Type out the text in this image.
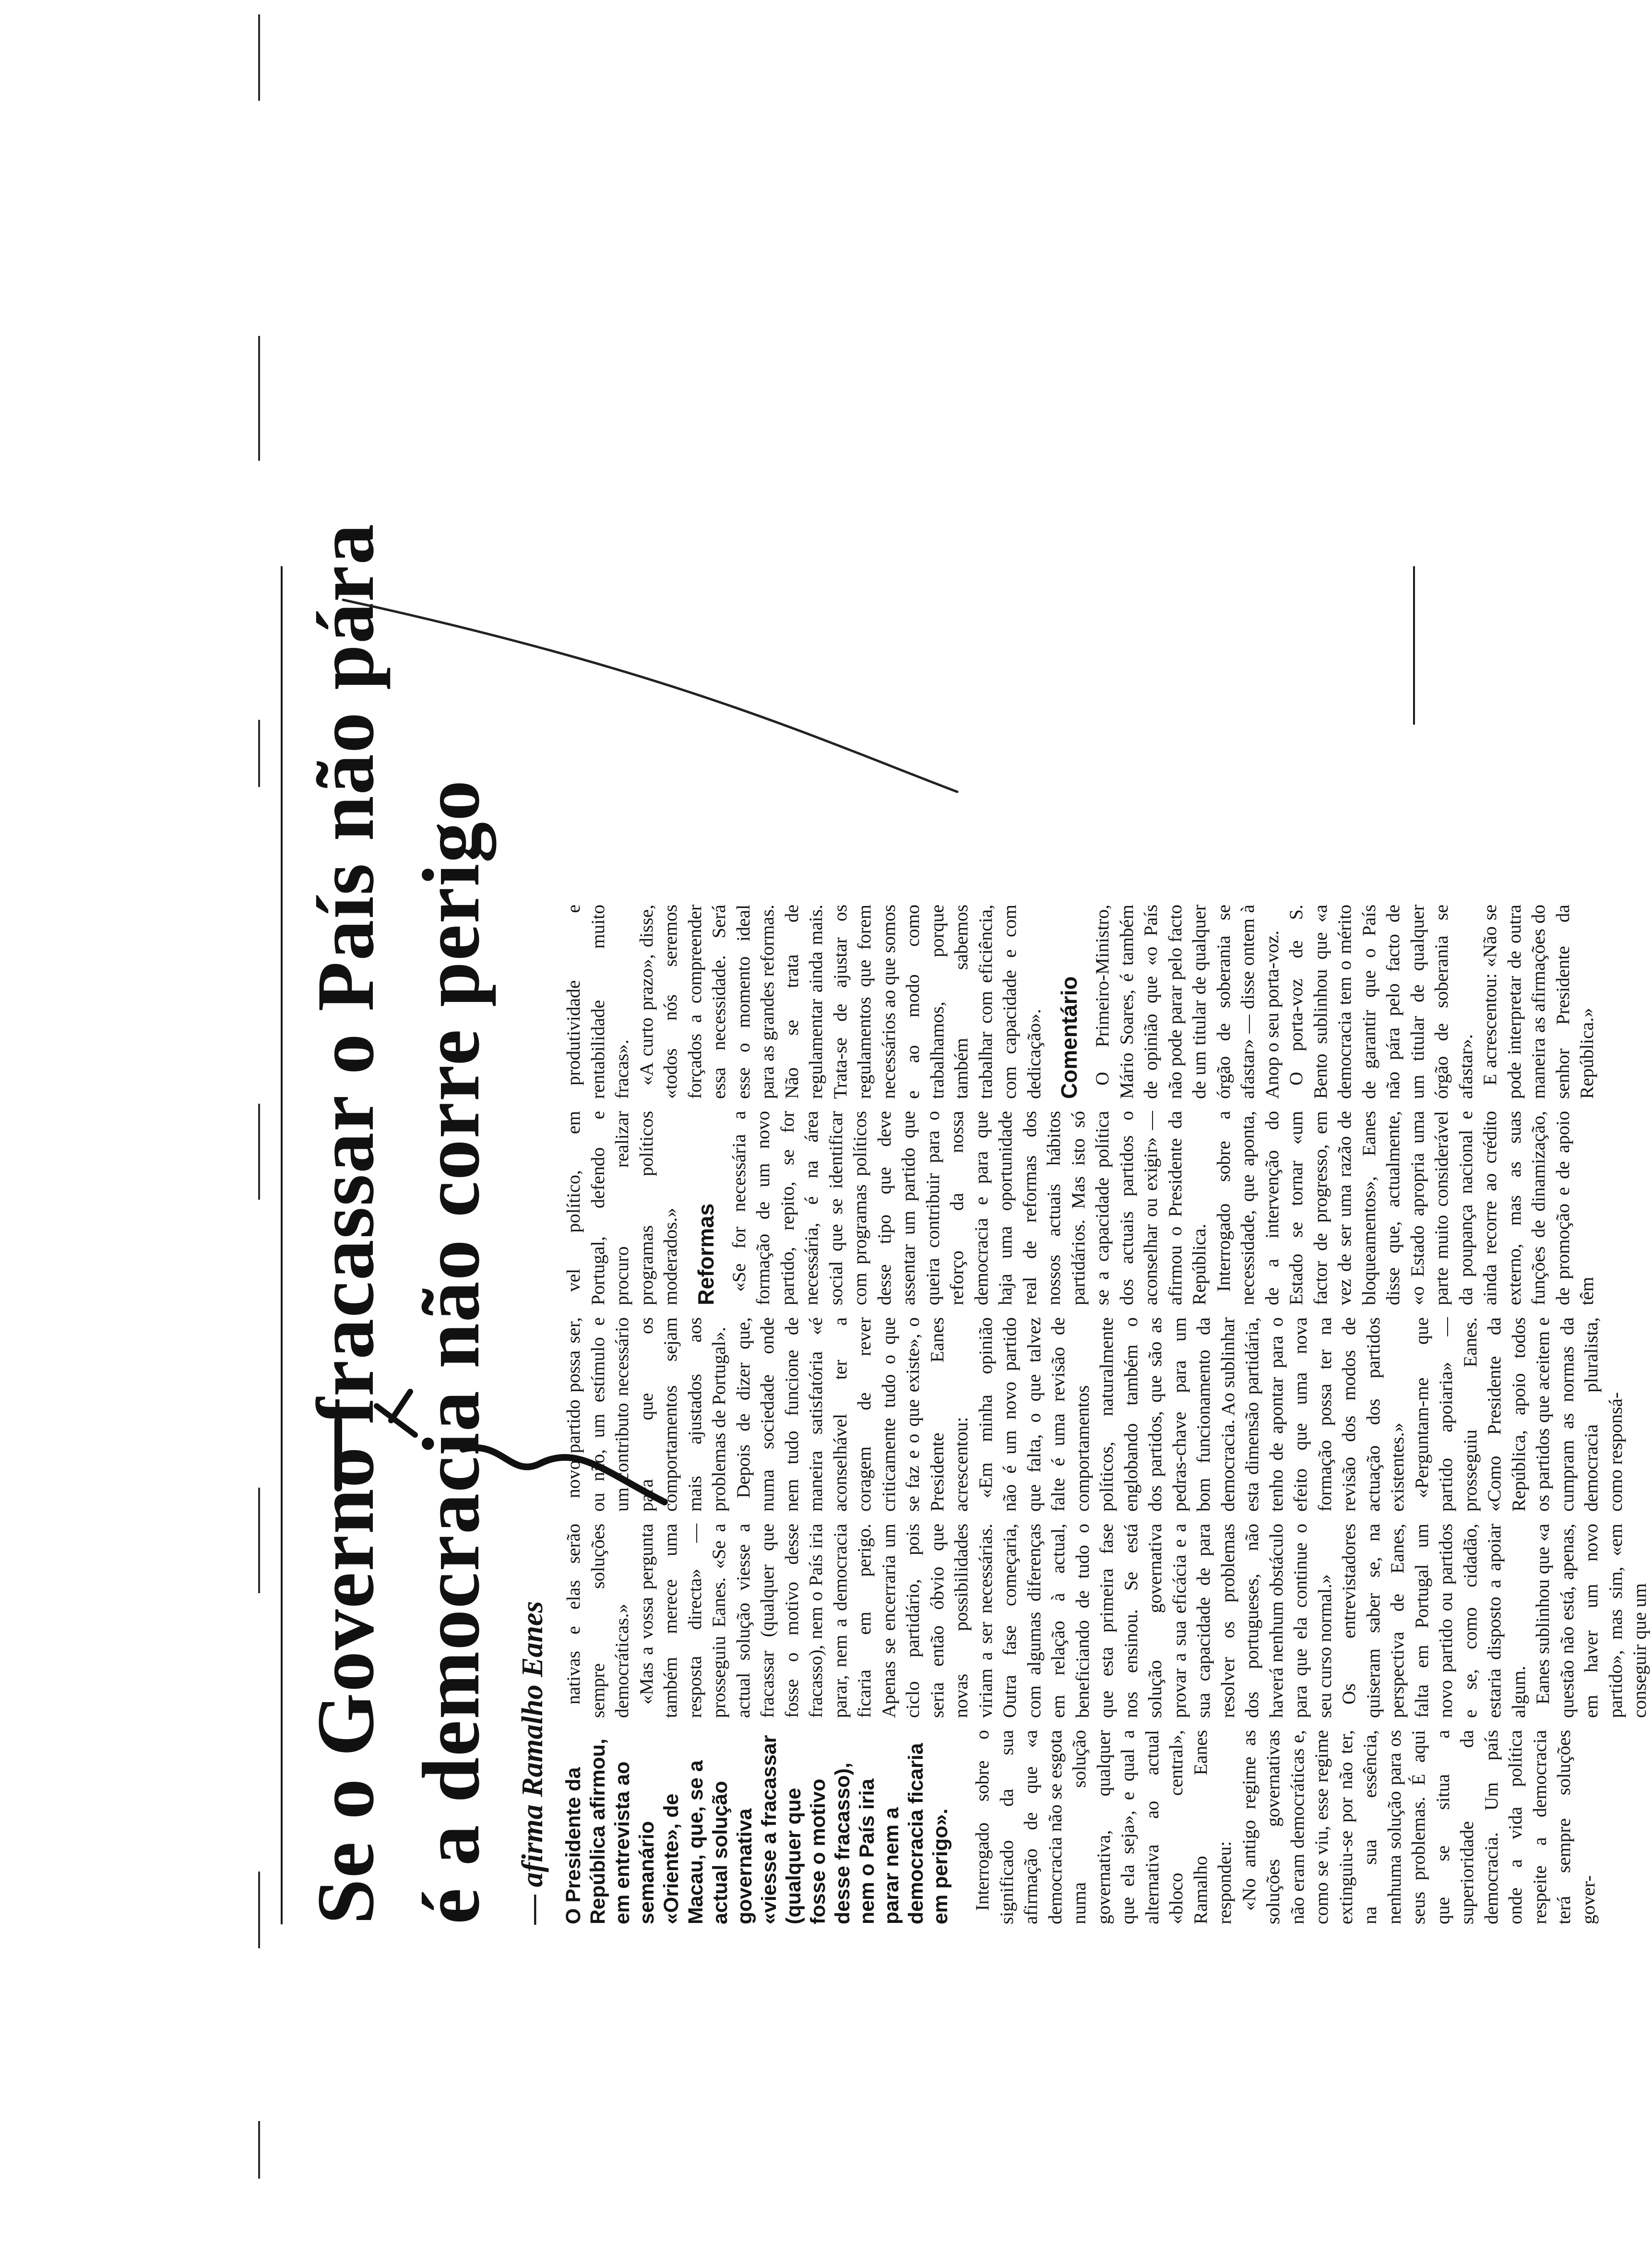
Se o Governo fracassar o País não pára é a democracia não corre perigo — afirma Ramalho Eanes O Presidente da República afirmou, em entrevista ao semanário «Oriente», de Macau, que, se a actual solução governativa «viesse a fracassar (qualquer que fosse o motivo desse fracasso), nem o País iria parar nem a democracia ficaria em perigo». Interrogado sobre o significado da sua afirmação de que «a democracia não se esgota numa solução governativa, qualquer que ela seja», e qual a alternativa ao actual «bloco central», Ramalho Eanes respondeu: «No antigo regime as soluções governativas não eram democráticas e, como se viu, esse regime extinguiu-se por não ter, na sua essência, nenhuma solução para os seus problemas. É aqui que se situa a superioridade da democracia. Um país onde a vida política respeite a democracia terá sempre soluções gover-

nativas e elas serão sempre soluções democráticas.» «Mas a vossa pergunta também merece uma resposta directa» — prosseguiu Eanes. «Se a actual solução viesse a fracassar (qualquer que fosse o motivo desse fracasso), nem o País iria parar, nem a democracia ficaria em perigo. Apenas se encerraria um ciclo partidário, pois seria então óbvio que novas possibilidades viriam a ser necessárias. Outra fase começaria, com algumas diferenças em relação à actual, beneficiando de tudo o que esta primeira fase nos ensinou. Se está solução governativa provar a sua eficácia e a sua capacidade de para resolver os problemas dos portugueses, não haverá nenhum obstáculo para que ela continue o seu curso normal.» Os entrevistadores quiseram saber se, na perspectiva de Eanes, falta em Portugal um novo partido ou partidos e se, como cidadão, estaria disposto a apoiar algum. Eanes sublinhou que «a questão não está, apenas, em haver um novo partido», mas sim, «em conseguir que um

novo partido possa ser, ou não, um estímulo e um contributo necessário para que os comportamentos sejam mais ajustados aos problemas de Portugal». Depois de dizer que, numa sociedade onde nem tudo funcione de maneira satisfatória «é aconselhável ter a coragem de rever criticamente tudo o que se faz e o que existe», o Presidente Eanes acrescentou: «Em minha opinião não é um novo partido que falta, o que talvez falte é uma revisão de comportamentos políticos, naturalmente englobando também o dos partidos, que são as pedras-chave para um bom funcionamento da democracia. Ao sublinhar esta dimensão partidária, tenho de apontar para o efeito que uma nova formação possa ter na revisão dos modos de actuação dos partidos existentes.» «Perguntam-me que partido apoiaria» — prosseguiu Eanes. «Como Presidente da República, apoio todos os partidos que aceitem e cumpram as normas da democracia pluralista, como responsá-

vel político, em Portugal, defendo e procuro realizar programas políticos moderados.» Reformas «Se for necessária a formação de um novo partido, repito, se for necessária, é na área social que se identificar com programas políticos desse tipo que deve assentar um partido que queira contribuir para o reforço da nossa democracia e para que haja uma oportunidade real de reformas dos nossos actuais hábitos partidários. Mas isto só se a capacidade política dos actuais partidos o aconselhar ou exigir» — afirmou o Presidente da República. Interrogado sobre a necessidade, que aponta, de a intervenção do Estado se tornar «um factor de progresso, em vez de ser uma razão de bloqueamentos», Eanes disse que, actualmente, «o Estado apropria uma parte muito considerável da poupança nacional e ainda recorre ao crédito externo, mas as suas funções de dinamização, de promoção e de apoio têm

produtividade e rentabilidade muito fracas». «A curto prazo», disse, «todos nós seremos forçados a compreender essa necessidade. Será esse o momento ideal para as grandes reformas. Não se trata de regulamentar ainda mais. Trata-se de ajustar os regulamentos que forem necessários ao que somos e ao modo como trabalhamos, porque também sabemos trabalhar com eficiência, com capacidade e com dedicação». Comentário O Primeiro-Ministro, Mário Soares, é também de opinião que «o País não pode parar pelo facto de um titular de qualquer órgão de soberania se afastar» — disse ontem à Anop o seu porta-voz. O porta-voz de S. Bento sublinhou que «a democracia tem o mérito de garantir que o País não pára pelo facto de um titular de qualquer órgão de soberania se afastar». E acrescentou: «Não se pode interpretar de outra maneira as afirmações do senhor Presidente da República.»
